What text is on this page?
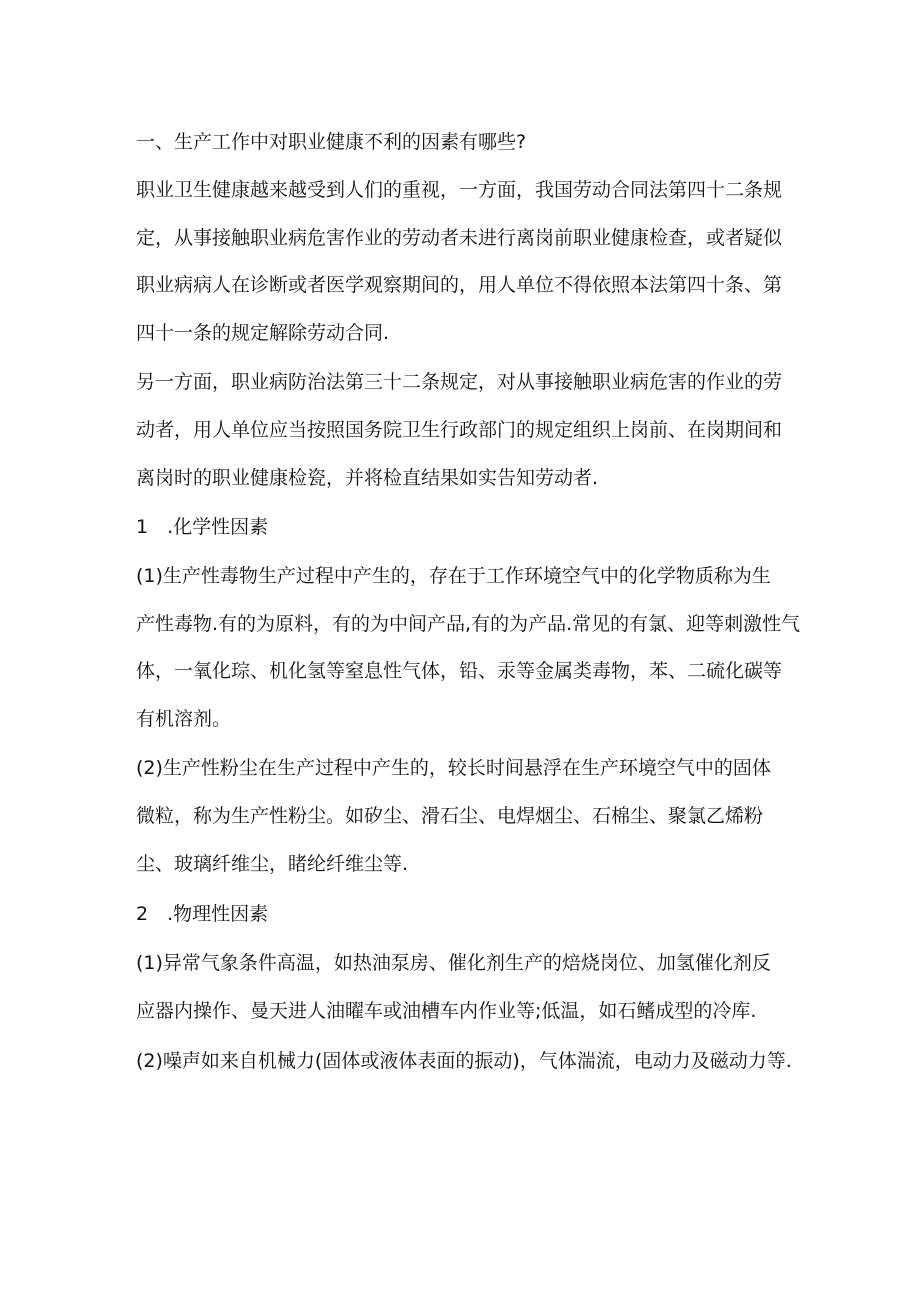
一、生产工作中对职业健康不利的因素有哪些?
职业卫生健康越来越受到人们的重视，一方面，我国劳动合同法第四十二条规
定，从事接触职业病危害作业的劳动者未进行离岗前职业健康检查，或者疑似
职业病病人在诊断或者医学观察期间的，用人单位不得依照本法第四十条、第
四十一条的规定解除劳动合同.
另一方面，职业病防治法第三十二条规定，对从事接触职业病危害的作业的劳
动者，用人单位应当按照国务院卫生行政部门的规定组织上岗前、在岗期间和
离岗时的职业健康检瓷，并将检直结果如实告知劳动者.
1　.化学性因素
(1)生产性毒物生产过程中产生的，存在于工作环境空气中的化学物质称为生
产性毒物.有的为原料，有的为中间产品,有的为产品.常见的有氯、迎等刺激性气
体，一氧化琮、机化氢等窒息性气体，铅、汞等金属类毒物，苯、二硫化碳等
有机溶剂。
(2)生产性粉尘在生产过程中产生的，较长时间悬浮在生产环境空气中的固体
微粒，称为生产性粉尘。如矽尘、滑石尘、电焊烟尘、石棉尘、聚氯乙烯粉
尘、玻璃纤维尘，睹纶纤维尘等.
2　.物理性因素
(1)异常气象条件高温，如热油泵房、催化剂生产的焙烧岗位、加氢催化剂反
应器内操作、曼天进人油曜车或油槽车内作业等;低温，如石鳍成型的冷库.
(2)噪声如来自机械力(固体或液体表面的振动)，气体湍流，电动力及磁动力等.
